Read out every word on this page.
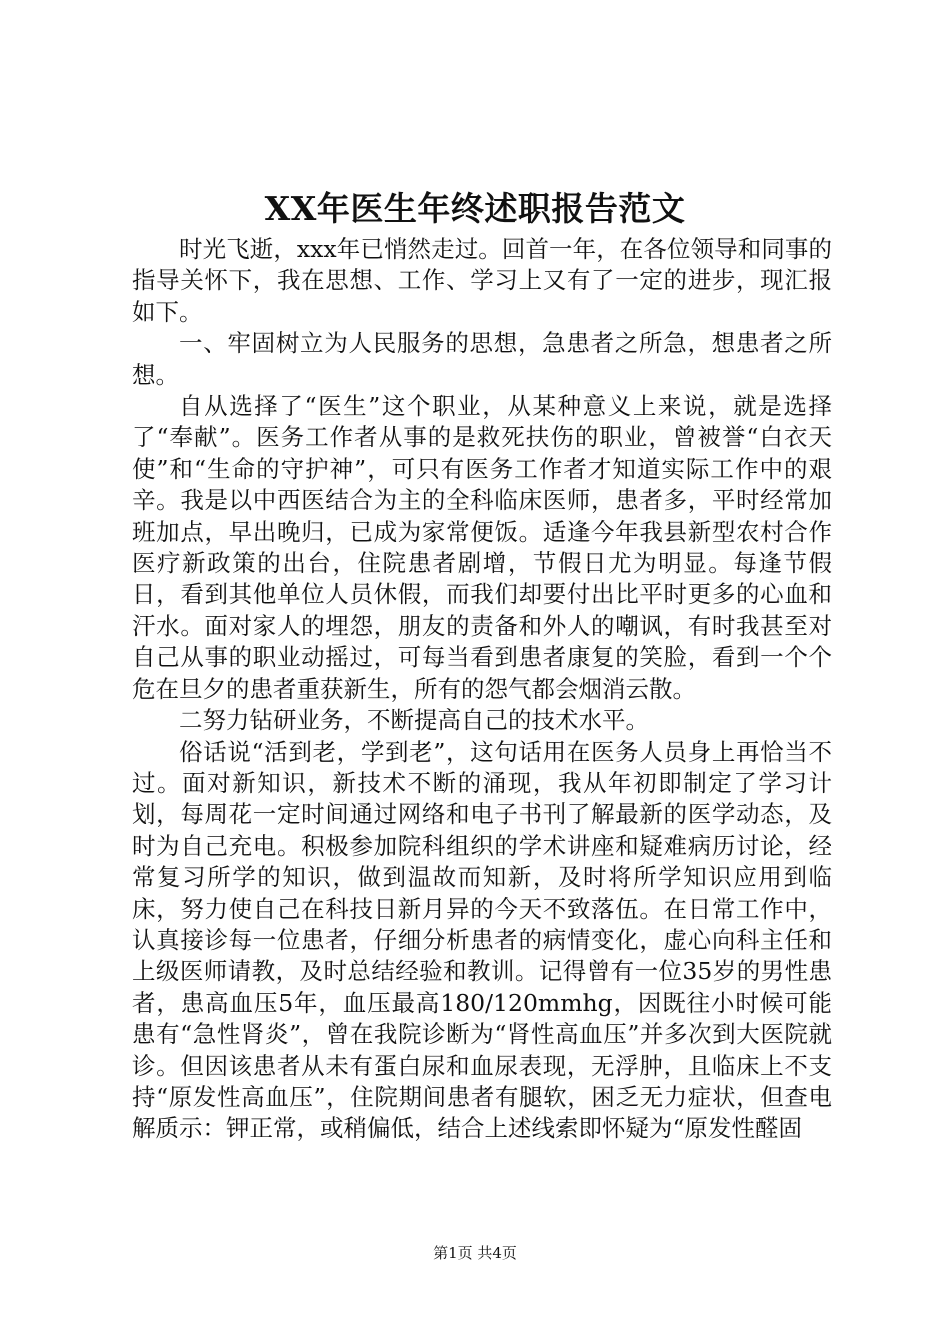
XX年医生年终述职报告范文

时光飞逝，xxx年已悄然走过。回首一年，在各位领导和同事的指导关怀下，我在思想、工作、学习上又有了一定的进步，现汇报如下。

一、牢固树立为人民服务的思想，急患者之所急，想患者之所想。

自从选择了“医生”这个职业，从某种意义上来说，就是选择了“奉献”。医务工作者从事的是救死扶伤的职业，曾被誉“白衣天使”和“生命的守护神”，可只有医务工作者才知道实际工作中的艰辛。我是以中西医结合为主的全科临床医师，患者多，平时经常加班加点，早出晚归，已成为家常便饭。适逢今年我县新型农村合作医疗新政策的出台，住院患者剧增，节假日尤为明显。每逢节假日，看到其他单位人员休假，而我们却要付出比平时更多的心血和汗水。面对家人的埋怨，朋友的责备和外人的嘲讽，有时我甚至对自己从事的职业动摇过，可每当看到患者康复的笑脸，看到一个个危在旦夕的患者重获新生，所有的怨气都会烟消云散。

二努力钻研业务，不断提高自己的技术水平。

俗话说“活到老，学到老”，这句话用在医务人员身上再恰当不过。面对新知识，新技术不断的涌现，我从年初即制定了学习计划，每周花一定时间通过网络和电子书刊了解最新的医学动态，及时为自己充电。积极参加院科组织的学术讲座和疑难病历讨论，经常复习所学的知识，做到温故而知新，及时将所学知识应用到临床，努力使自己在科技日新月异的今天不致落伍。在日常工作中，认真接诊每一位患者，仔细分析患者的病情变化，虚心向科主任和上级医师请教，及时总结经验和教训。记得曾有一位35岁的男性患者，患高血压5年，血压最高180/120mmhg，因既往小时候可能患有“急性肾炎”，曾在我院诊断为“肾性高血压”并多次到大医院就诊。但因该患者从未有蛋白尿和血尿表现，无浮肿，且临床上不支持“原发性高血压”，住院期间患者有腿软，困乏无力症状，但查电解质示：钾正常，或稍偏低，结合上述线索即怀疑为“原发性醛固

第1页 共4页
